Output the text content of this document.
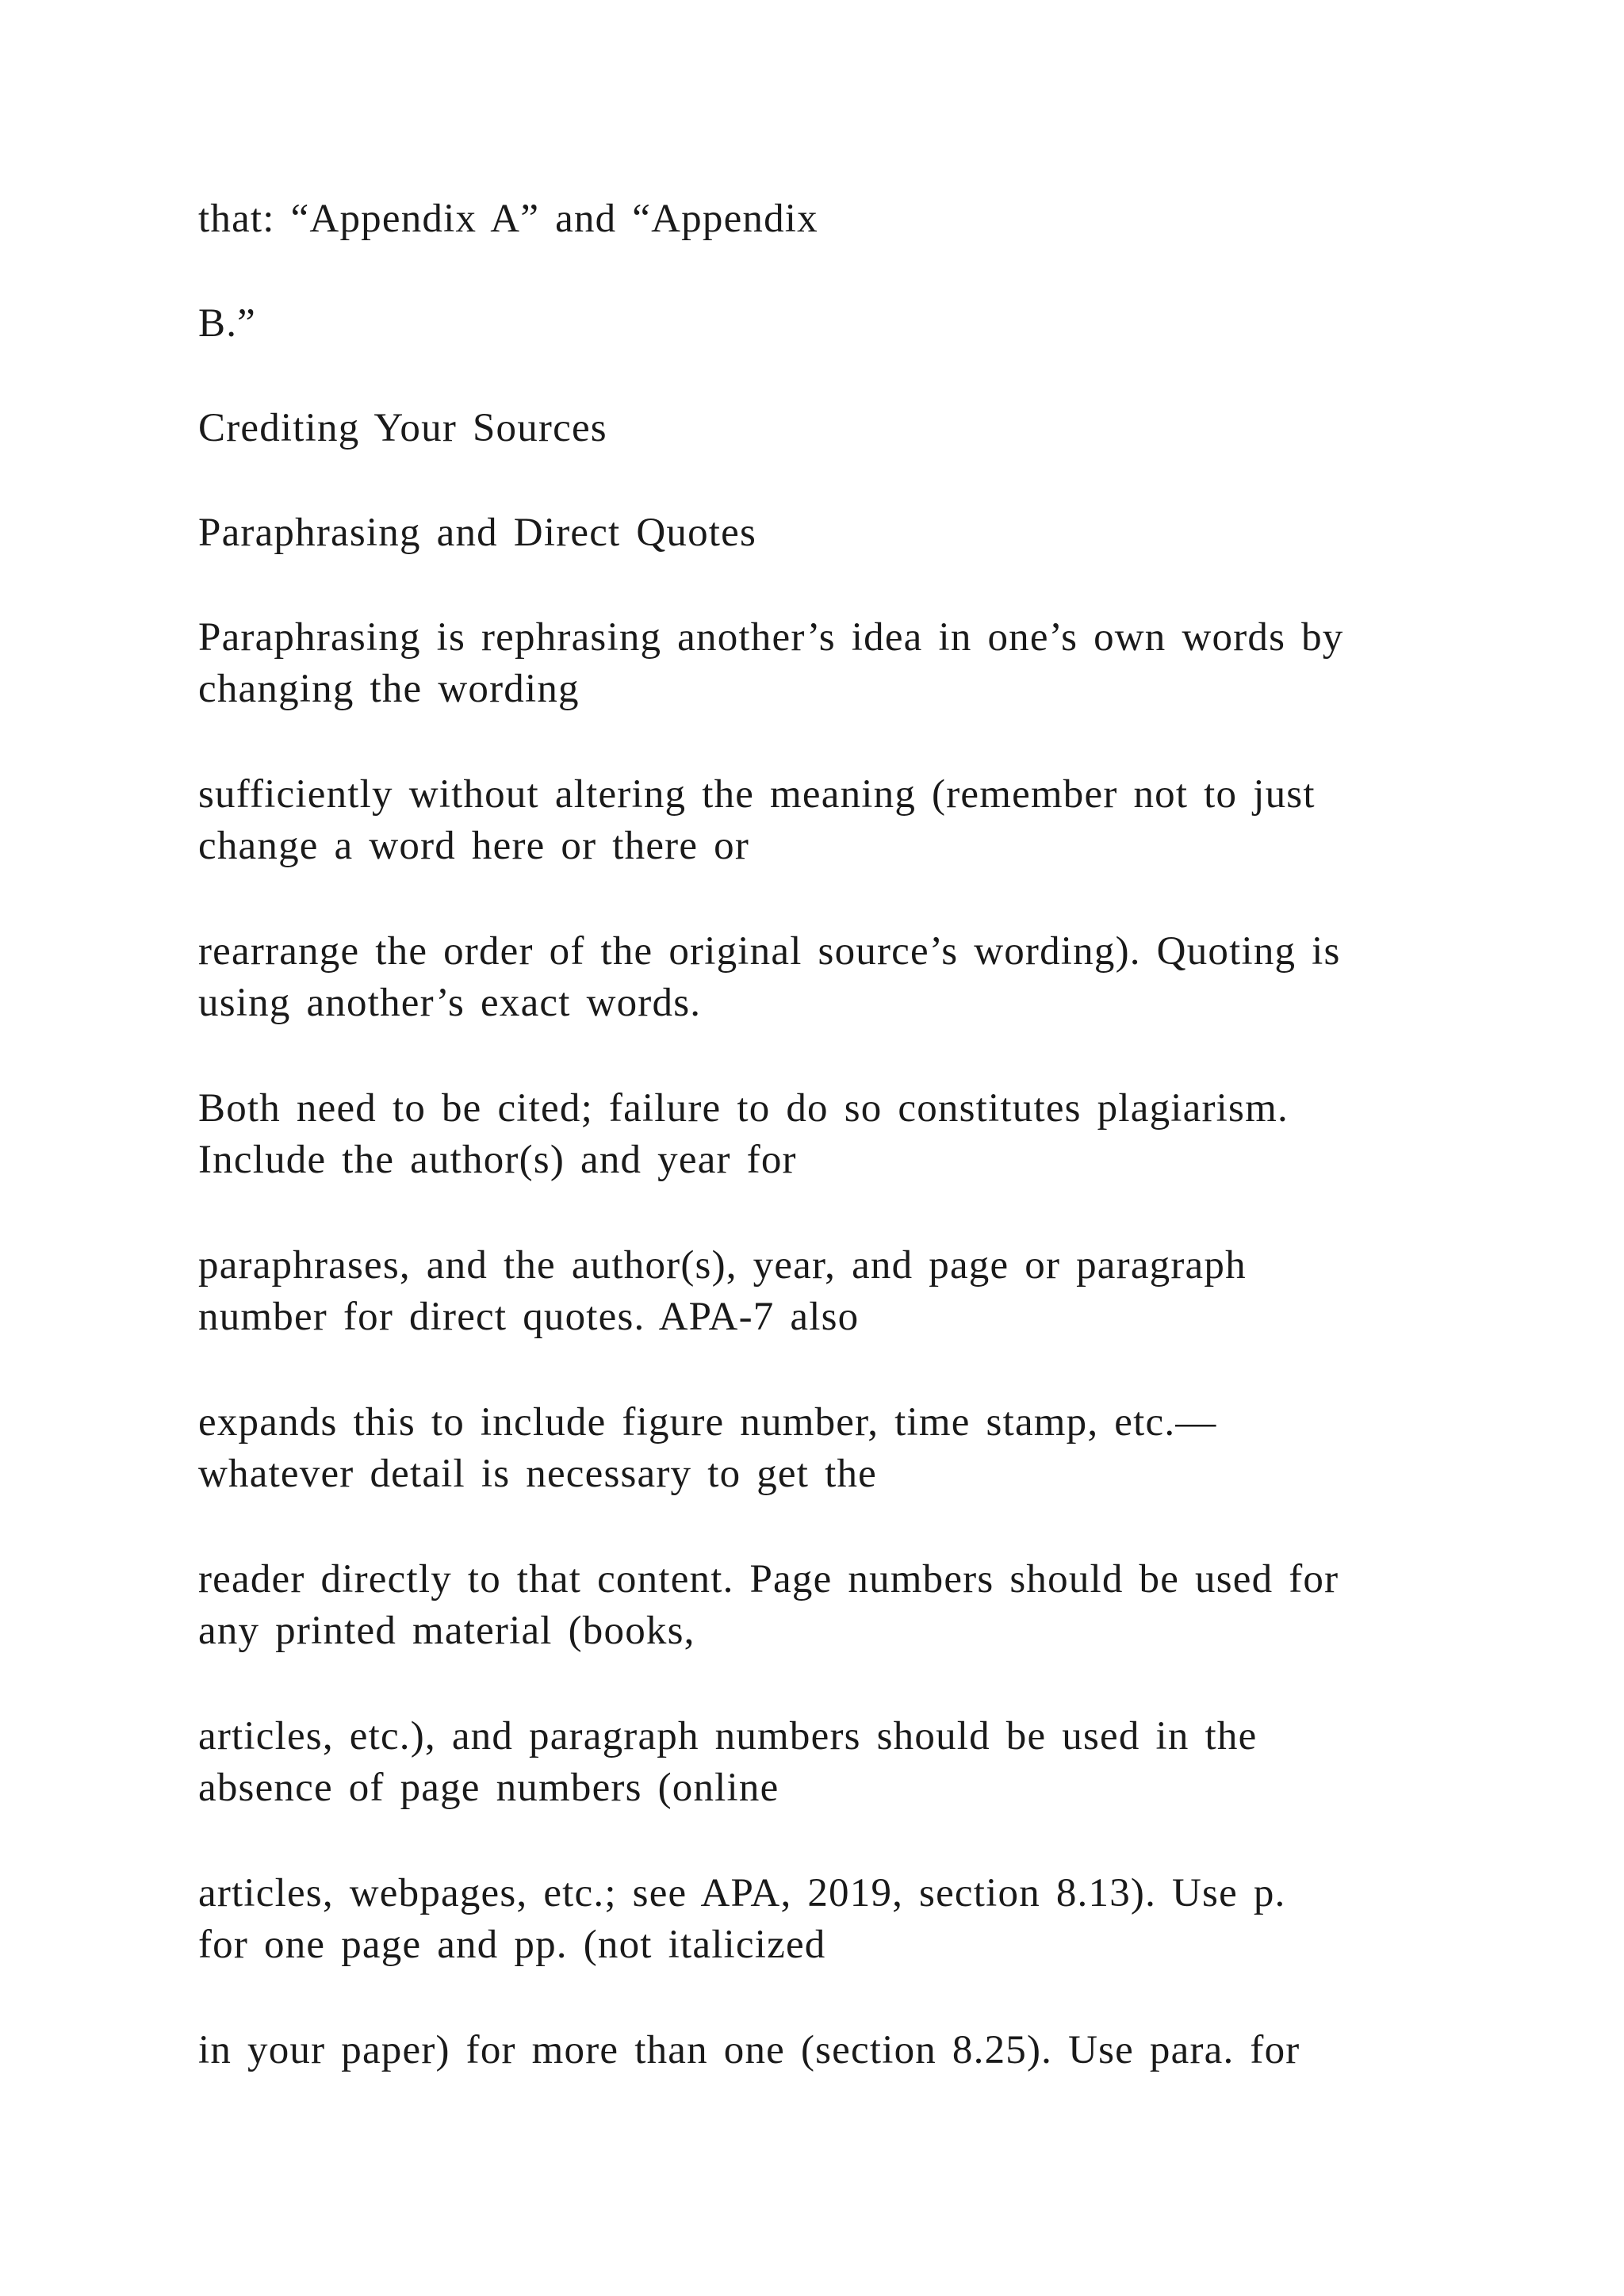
that: “Appendix A” and “Appendix

B.”

Crediting Your Sources

Paraphrasing and Direct Quotes

Paraphrasing is rephrasing another’s idea in one’s own words by
changing the wording

sufficiently without altering the meaning (remember not to just
change a word here or there or

rearrange the order of the original source’s wording). Quoting is
using another’s exact words.

Both need to be cited; failure to do so constitutes plagiarism.
Include the author(s) and year for

paraphrases, and the author(s), year, and page or paragraph
number for direct quotes. APA-7 also

expands this to include figure number, time stamp, etc.—
whatever detail is necessary to get the

reader directly to that content. Page numbers should be used for
any printed material (books,

articles, etc.), and paragraph numbers should be used in the
absence of page numbers (online

articles, webpages, etc.; see APA, 2019, section 8.13). Use p.
for one page and pp. (not italicized

in your paper) for more than one (section 8.25). Use para. for
